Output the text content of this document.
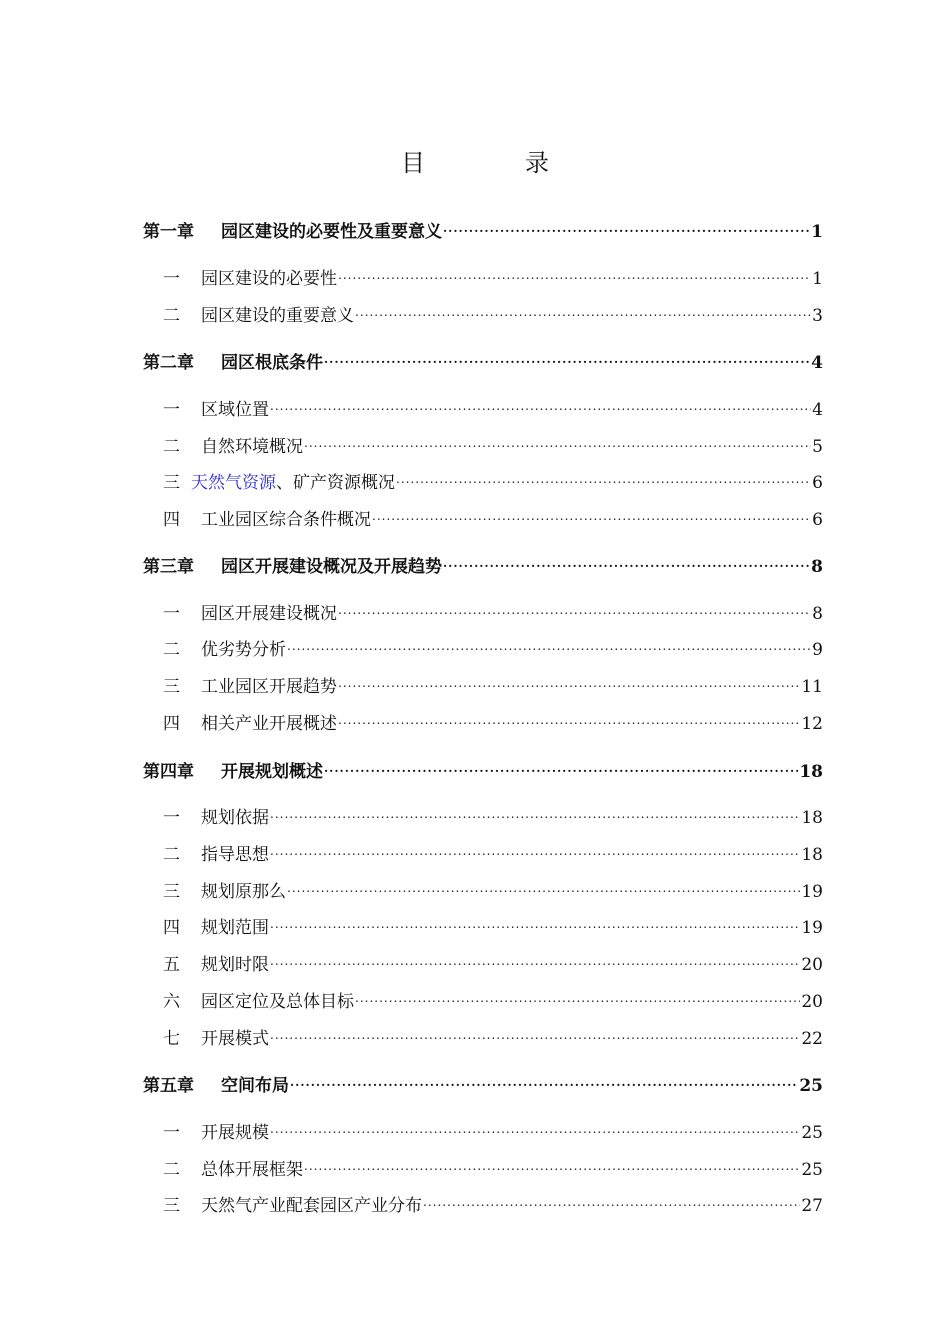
目　录
第一章	园区建设的必要性及重要意义 .....	1
一	园区建设的必要性 .....	1
二	园区建设的重要意义 .....	3
第二章	园区根底条件 .....	4
一	区域位置 .....	4
二	自然环境概况 .....	5
三 天然气资源 、矿产资源概况 .....	6
四	工业园区综合条件概况 .....	6
第三章	园区开展建设概况及开展趋势 .....	8
一	园区开展建设概况 .....	8
二	优劣势分析 .....	9
三	工业园区开展趋势 .....	11
四	相关产业开展概述 .....	12
第四章	开展规划概述 .....	18
一	规划依据 .....	18
二	指导思想 .....	18
三	规划原那么 .....	19
四	规划范围 .....	19
五	规划时限 .....	20
六	园区定位及总体目标 .....	20
七	开展模式 .....	22
第五章	空间布局 .....	25
一	开展规模 .....	25
二	总体开展框架 .....	25
三	天然气产业配套园区产业分布 .....	27
